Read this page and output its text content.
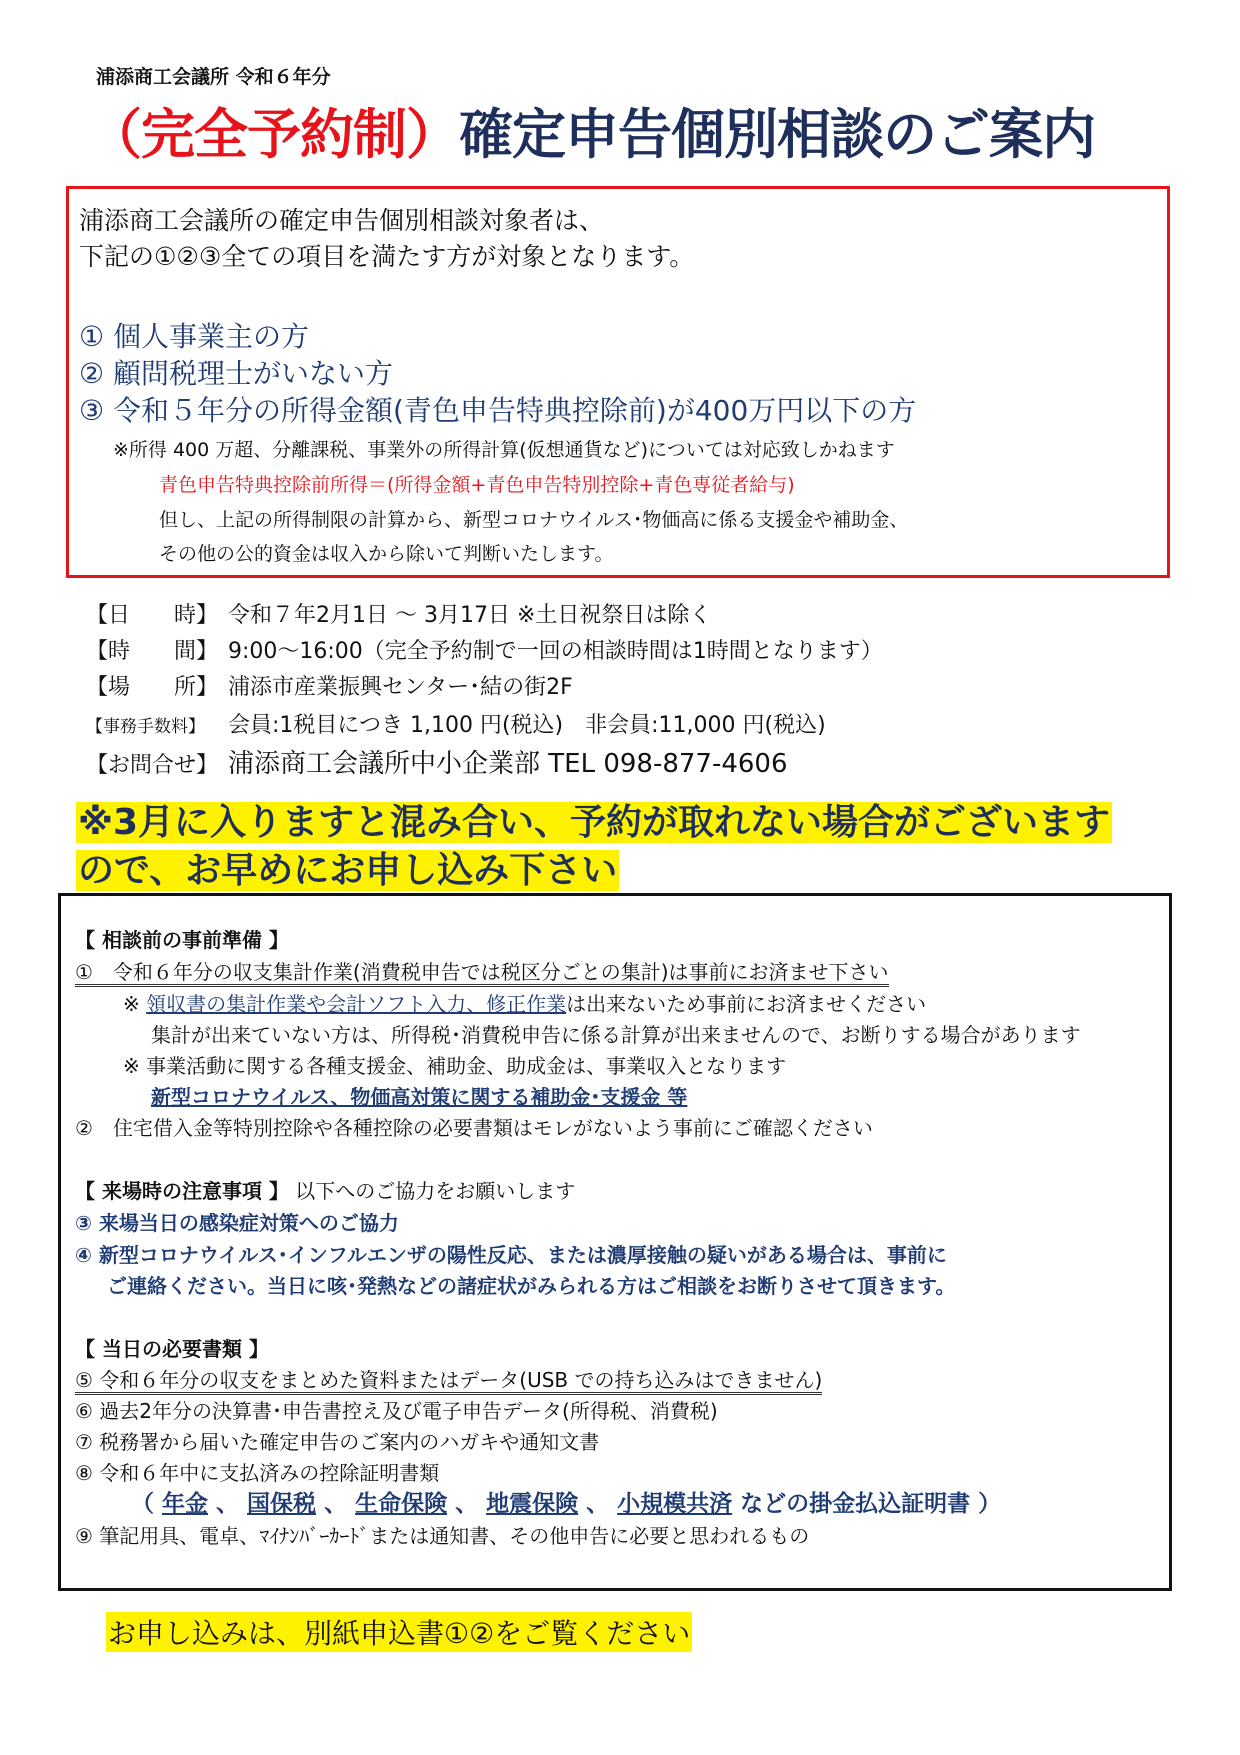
浦添商工会議所 令和６年分
（完全予約制）確定申告個別相談のご案内
浦添商工会議所の確定申告個別相談対象者は、
下記の①②③全ての項目を満たす方が対象となります。
① 個人事業主の方
② 顧問税理士がいない方
③ 令和５年分の所得金額(青色申告特典控除前)が400万円以下の方
※所得 400 万超、分離課税、事業外の所得計算(仮想通貨など)については対応致しかねます
青色申告特典控除前所得＝(所得金額+青色申告特別控除+青色専従者給与)
但し、上記の所得制限の計算から、新型コロナウイルス･物価高に係る支援金や補助金、
その他の公的資金は収入から除いて判断いたします。
【日　　時】 令和７年2月1日 ～ 3月17日 ※土日祝祭日は除く
【時　　間】 9:00～16:00（完全予約制で一回の相談時間は1時間となります）
【場　　所】 浦添市産業振興センター･結の街2F
【事務手数料】 会員:1税目につき 1,100 円(税込)　非会員:11,000 円(税込)
【お問合せ】 浦添商工会議所中小企業部 TEL 098-877-4606
※3月に入りますと混み合い、予約が取れない場合がございます
ので、お早めにお申し込み下さい
【 相談前の事前準備 】
①　令和６年分の収支集計作業(消費税申告では税区分ごとの集計)は事前にお済ませ下さい
※ 領収書の集計作業や会計ソフト入力、修正作業は出来ないため事前にお済ませください
集計が出来ていない方は、所得税･消費税申告に係る計算が出来ませんので、お断りする場合があります
※ 事業活動に関する各種支援金、補助金、助成金は、事業収入となります
新型コロナウイルス、物価高対策に関する補助金･支援金 等
②　住宅借入金等特別控除や各種控除の必要書類はモレがないよう事前にご確認ください
【 来場時の注意事項 】 以下へのご協力をお願いします
③ 来場当日の感染症対策へのご協力
④ 新型コロナウイルス･インフルエンザの陽性反応、または濃厚接触の疑いがある場合は、事前に
ご連絡ください。当日に咳･発熱などの諸症状がみられる方はご相談をお断りさせて頂きます。
【 当日の必要書類 】
⑤ 令和６年分の収支をまとめた資料またはデータ(USB での持ち込みはできません)
⑥ 過去2年分の決算書･申告書控え及び電子申告データ(所得税、消費税)
⑦ 税務署から届いた確定申告のご案内のハガキや通知文書
⑧ 令和６年中に支払済みの控除証明書類
（ 年金 、 国保税 、 生命保険 、 地震保険 、 小規模共済 などの掛金払込証明書 ）
⑨ 筆記用具、電卓、ﾏｲﾅﾝﾊﾞｰｶｰﾄﾞまたは通知書、その他申告に必要と思われるもの
お申し込みは、別紙申込書①②をご覧ください
